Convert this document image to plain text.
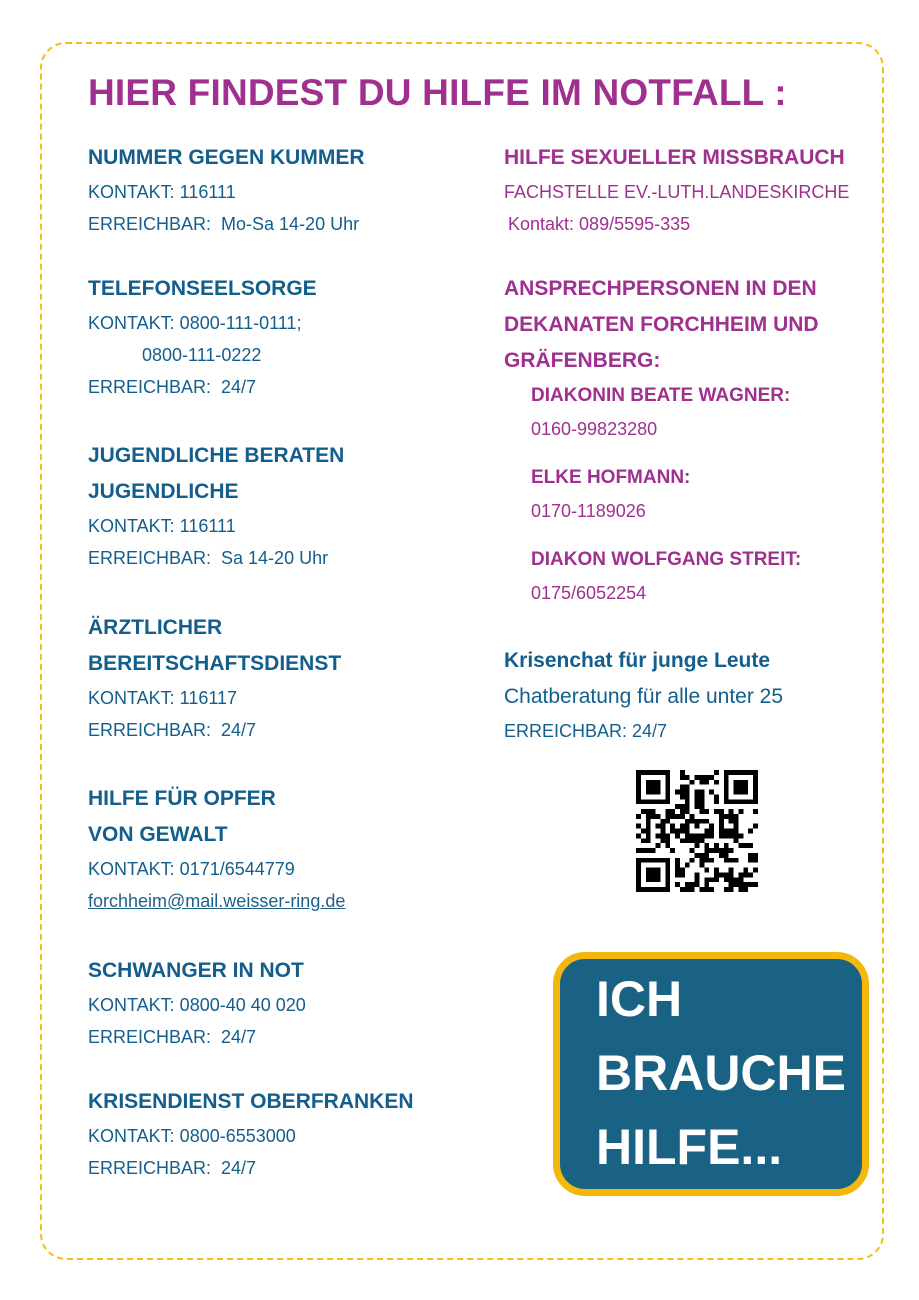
HIER FINDEST DU HILFE IM NOTFALL :
NUMMER GEGEN KUMMER
KONTAKT: 116111
ERREICHBAR:  Mo-Sa 14-20 Uhr
TELEFONSEELSORGE
KONTAKT: 0800-111-0111;
0800-111-0222
ERREICHBAR:  24/7
JUGENDLICHE BERATEN
JUGENDLICHE
KONTAKT: 116111
ERREICHBAR:  Sa 14-20 Uhr
ÄRZTLICHER
BEREITSCHAFTSDIENST
KONTAKT: 116117
ERREICHBAR:  24/7
HILFE FÜR OPFER
VON GEWALT
KONTAKT: 0171/6544779
forchheim@mail.weisser-ring.de
SCHWANGER IN NOT
KONTAKT: 0800-40 40 020
ERREICHBAR:  24/7
KRISENDIENST OBERFRANKEN
KONTAKT: 0800-6553000
ERREICHBAR:  24/7
HILFE SEXUELLER MISSBRAUCH
FACHSTELLE EV.-LUTH.LANDESKIRCHE
Kontakt: 089/5595-335
ANSPRECHPERSONEN IN DEN
DEKANATEN FORCHHEIM UND
GRÄFENBERG:
DIAKONIN BEATE WAGNER:
0160-99823280
ELKE HOFMANN:
0170-1189026
DIAKON WOLFGANG STREIT:
0175/6052254
Krisenchat für junge Leute
Chatberatung für alle unter 25
ERREICHBAR: 24/7
ICH
BRAUCHE
HILFE...
